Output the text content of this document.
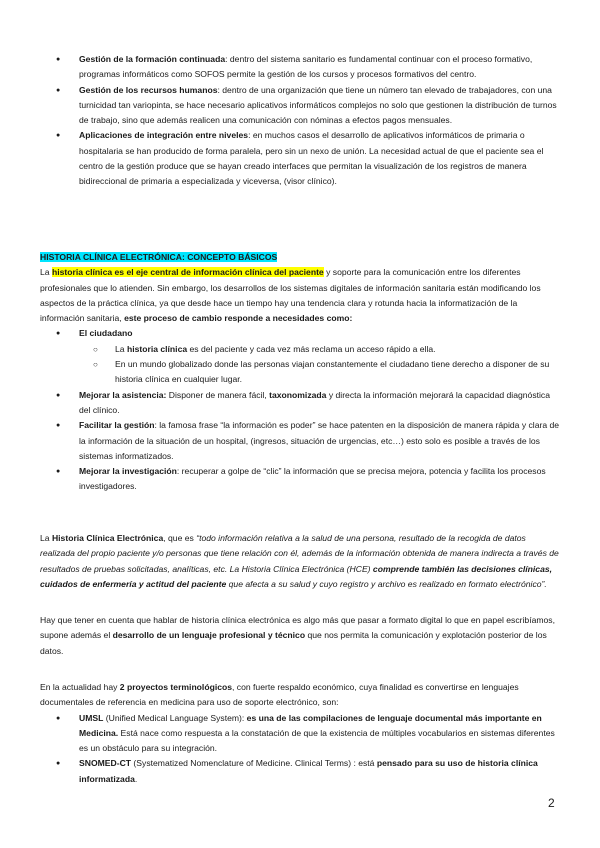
● Gestión de la formación continuada: dentro del sistema sanitario es fundamental continuar con el proceso formativo, programas informáticos como SOFOS permite la gestión de los cursos y procesos formativos del centro.
● Gestión de los recursos humanos: dentro de una organización que tiene un número tan elevado de trabajadores, con una turnicidad tan variopinta, se hace necesario aplicativos informáticos complejos no solo que gestionen la distribución de turnos de trabajo, sino que además realicen una comunicación con nóminas a efectos pagos mensuales.
● Aplicaciones de integración entre niveles: en muchos casos el desarrollo de aplicativos informáticos de primaria o hospitalaria se han producido de forma paralela, pero sin un nexo de unión. La necesidad actual de que el paciente sea el centro de la gestión produce que se hayan creado interfaces que permitan la visualización de los registros de manera bidireccional de primaria a especializada y viceversa, (visor clínico).

HISTORIA CLÍNICA ELECTRÓNICA: CONCEPTO BÁSICOS

La historia clínica es el eje central de información clínica del paciente y soporte para la comunicación entre los diferentes profesionales que lo atienden. Sin embargo, los desarrollos de los sistemas digitales de información sanitaria están modificando los aspectos de la práctica clínica, ya que desde hace un tiempo hay una tendencia clara y rotunda hacia la informatización de la información sanitaria, este proceso de cambio responde a necesidades como:

● El ciudadano
○ La historia clínica es del paciente y cada vez más reclama un acceso rápido a ella.
○ En un mundo globalizado donde las personas viajan constantemente el ciudadano tiene derecho a disponer de su historia clínica en cualquier lugar.
● Mejorar la asistencia: Disponer de manera fácil, taxonomizada y directa la información mejorará la capacidad diagnóstica del clínico.
● Facilitar la gestión: la famosa frase “la información es poder” se hace patenten en la disposición de manera rápida y clara de la información de la situación de un hospital, (ingresos, situación de urgencias, etc…) esto solo es posible a través de los sistemas informatizados.
● Mejorar la investigación: recuperar a golpe de “clic” la información que se precisa mejora, potencia y facilita los procesos investigadores.

La Historia Clínica Electrónica, que es “todo información relativa a la salud de una persona, resultado de la recogida de datos realizada del propio paciente y/o personas que tiene relación con él, además de la información obtenida de manera indirecta a través de resultados de pruebas solicitadas, analíticas, etc. La Historia Clínica Electrónica (HCE) comprende también las decisiones clínicas, cuidados de enfermería y actitud del paciente que afecta a su salud y cuyo registro y archivo es realizado en formato electrónico”.

Hay que tener en cuenta que hablar de historia clínica electrónica es algo más que pasar a formato digital lo que en papel escribíamos, supone además el desarrollo de un lenguaje profesional y técnico que nos permita la comunicación y explotación posterior de los datos.

En la actualidad hay 2 proyectos terminológicos, con fuerte respaldo económico, cuya finalidad es convertirse en lenguajes documentales de referencia en medicina para uso de soporte electrónico, son:

● UMSL (Unified Medical Language System): es una de las compilaciones de lenguaje documental más importante en Medicina. Está nace como respuesta a la constatación de que la existencia de múltiples vocabularios en sistemas diferentes es un obstáculo para su integración.
● SNOMED-CT (Systematized Nomenclature of Medicine. Clinical Terms) : está pensado para su uso de historia clínica informatizada.
2
